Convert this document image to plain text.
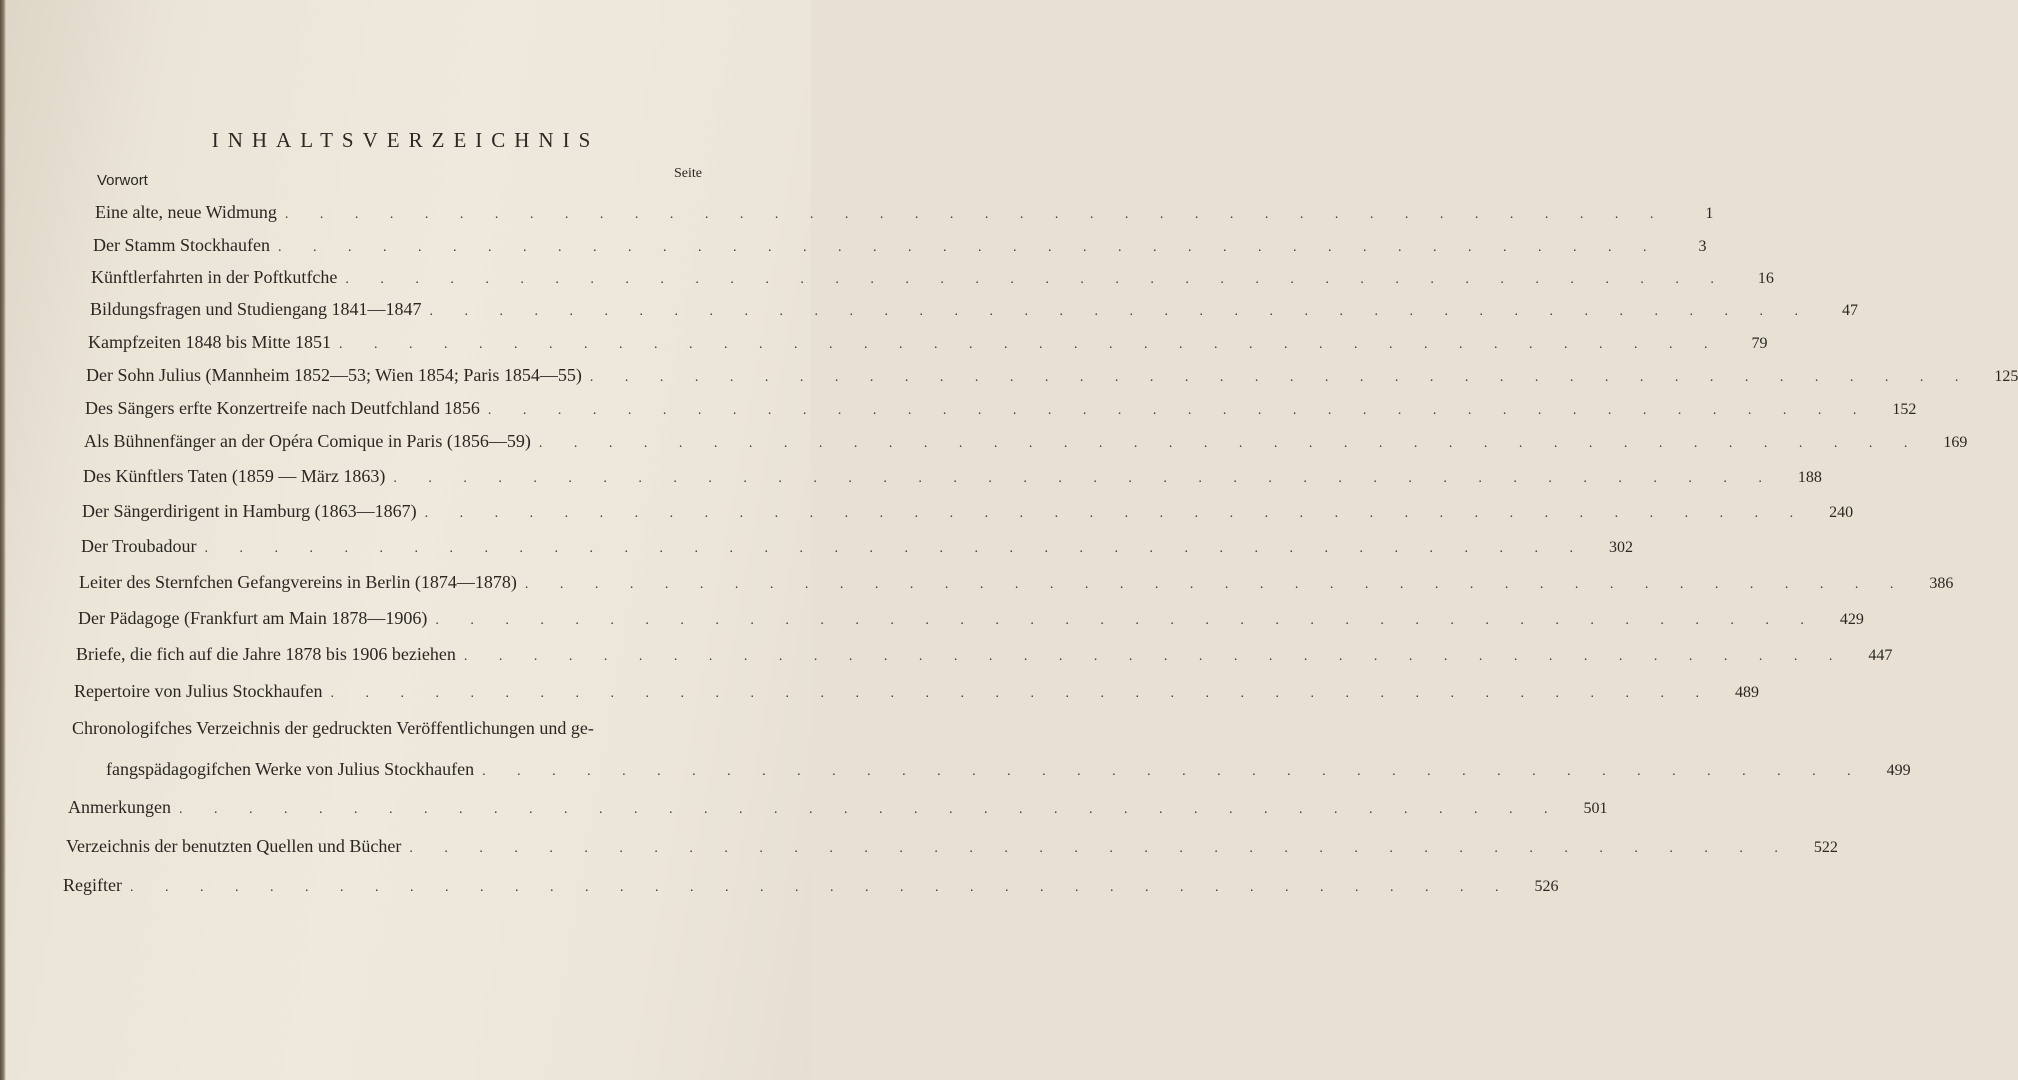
INHALTSVERZEICHNIS
Vorwort	Seite
Eine alte, neue Widmung . . . . . . . . . . . . . . . . . . . . . . . . . . . . . . . . . . . . . . . .	1
Der Stamm Stockhaufen . . . . . . . . . . . . . . . . . . . . . . . . . . . . . . . . . . . . . . . .	3
Künftlerfahrten in der Poftkutfche . . . . . . . . . . . . . . . . . . . . . . . . . . . . . . . . . . . . . . . .	16
Bildungsfragen und Studiengang 1841—1847 . . . . . . . . . . . . . . . . . . . . . . . . . . . . . . . . . . . . . . . .	47
Kampfzeiten 1848 bis Mitte 1851 . . . . . . . . . . . . . . . . . . . . . . . . . . . . . . . . . . . . . . . .	79
Der Sohn Julius (Mannheim 1852—53; Wien 1854; Paris 1854—55) . . . . . . . . . . . . . . . . . . . . . . . . . . . . . . . . . . . . . . . .	125
Des Sängers erfte Konzertreife nach Deutfchland 1856 . . . . . . . . . . . . . . . . . . . . . . . . . . . . . . . . . . . . . . . .	152
Als Bühnenfänger an der Opéra Comique in Paris (1856—59) . . . . . . . . . . . . . . . . . . . . . . . . . . . . . . . . . . . . . . . .	169
Des Künftlers Taten (1859 — März 1863) . . . . . . . . . . . . . . . . . . . . . . . . . . . . . . . . . . . . . . . .	188
Der Sängerdirigent in Hamburg (1863—1867) . . . . . . . . . . . . . . . . . . . . . . . . . . . . . . . . . . . . . . . .	240
Der Troubadour . . . . . . . . . . . . . . . . . . . . . . . . . . . . . . . . . . . . . . . .	302
Leiter des Sternfchen Gefangvereins in Berlin (1874—1878) . . . . . . . . . . . . . . . . . . . . . . . . . . . . . . . . . . . . . . . .	386
Der Pädagoge (Frankfurt am Main 1878—1906) . . . . . . . . . . . . . . . . . . . . . . . . . . . . . . . . . . . . . . . .	429
Briefe, die fich auf die Jahre 1878 bis 1906 beziehen . . . . . . . . . . . . . . . . . . . . . . . . . . . . . . . . . . . . . . . .	447
Repertoire von Julius Stockhaufen . . . . . . . . . . . . . . . . . . . . . . . . . . . . . . . . . . . . . . . .	489
Chronologifches Verzeichnis der gedruckten Veröffentlichungen und ge-
fangspädagogifchen Werke von Julius Stockhaufen . . . . . . . . . . . . . . . . . . . . . . . . . . . . . . . . . . . . . . . .	499
Anmerkungen . . . . . . . . . . . . . . . . . . . . . . . . . . . . . . . . . . . . . . . .	501
Verzeichnis der benutzten Quellen und Bücher . . . . . . . . . . . . . . . . . . . . . . . . . . . . . . . . . . . . . . . .	522
Regifter . . . . . . . . . . . . . . . . . . . . . . . . . . . . . . . . . . . . . . . .	526
